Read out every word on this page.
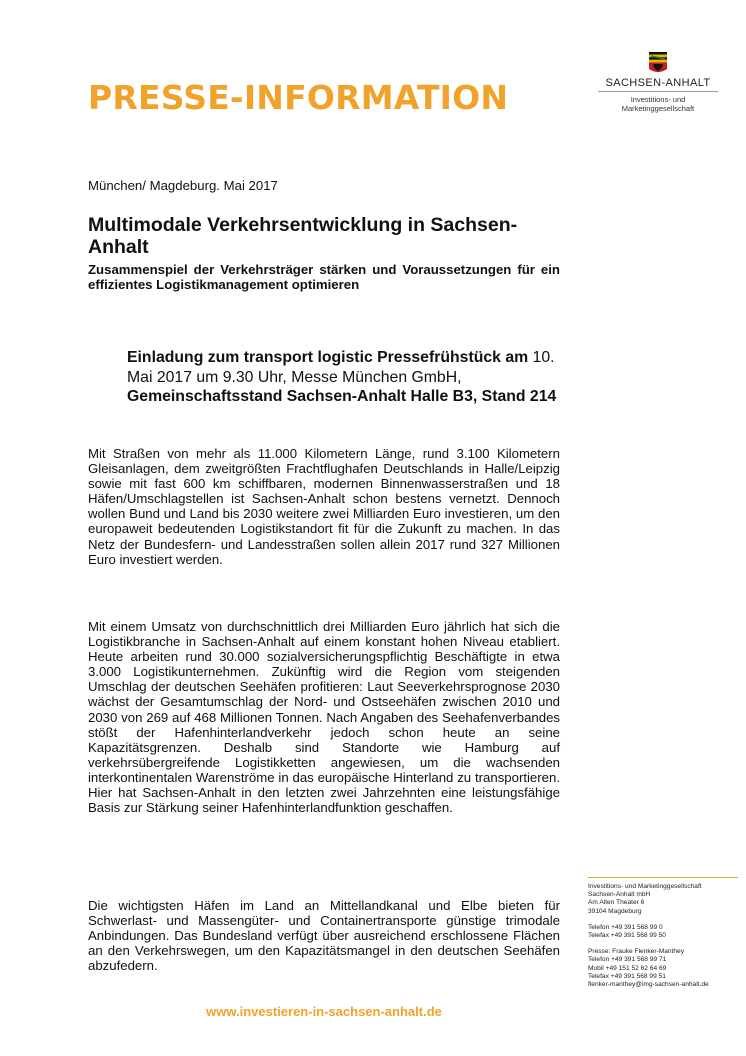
PRESSE-INFORMATION	SACHSEN-ANHALT
Investitions- und
Marketinggesellschaft
München/ Magdeburg. Mai 2017
Multimodale Verkehrsentwicklung in Sachsen-Anhalt

Zusammenspiel der Verkehrsträger stärken und Voraussetzungen für ein effizientes Logistikmanagement optimieren

Einladung zum transport logistic Pressefrühstück am 10. Mai 2017 um 9.30 Uhr, Messe München GmbH,
Gemeinschaftsstand Sachsen-Anhalt Halle B3, Stand 214

Mit Straßen von mehr als 11.000 Kilometern Länge, rund 3.100 Kilometern Gleisanlagen, dem zweitgrößten Frachtflughafen Deutschlands in Halle/Leipzig sowie mit fast 600 km schiffbaren, modernen Binnenwasserstraßen und 18 Häfen/Umschlagstellen ist Sachsen-Anhalt schon bestens vernetzt. Dennoch wollen Bund und Land bis 2030 weitere zwei Milliarden Euro investieren, um den europaweit bedeutenden Logistikstandort fit für die Zukunft zu machen. In das Netz der Bundesfern- und Landesstraßen sollen allein 2017 rund 327 Millionen Euro investiert werden.

Mit einem Umsatz von durchschnittlich drei Milliarden Euro jährlich hat sich die Logistikbranche in Sachsen-Anhalt auf einem konstant hohen Niveau etabliert. Heute arbeiten rund 30.000 sozialversicherungspflichtig Beschäftigte in etwa 3.000 Logistikunternehmen. Zukünftig wird die Region vom steigenden Umschlag der deutschen Seehäfen profitieren: Laut Seeverkehrsprognose 2030 wächst der Gesamtumschlag der Nord- und Ostseehäfen zwischen 2010 und 2030 von 269 auf 468 Millionen Tonnen. Nach Angaben des Seehafenverbandes stößt der Hafenhinterlandverkehr jedoch schon heute an seine Kapazitätsgrenzen. Deshalb sind Standorte wie Hamburg auf verkehrsübergreifende Logistikketten angewiesen, um die wachsenden interkontinentalen Warenströme in das europäische Hinterland zu transportieren. Hier hat Sachsen-Anhalt in den letzten zwei Jahrzehnten eine leistungsfähige Basis zur Stärkung seiner Hafenhinterlandfunktion geschaffen.

Die wichtigsten Häfen im Land an Mittellandkanal und Elbe bieten für Schwerlast- und Massengüter- und Containertransporte günstige trimodale Anbindungen. Das Bundesland verfügt über ausreichend erschlossene Flächen an den Verkehrswegen, um den Kapazitätsmangel in den deutschen Seehäfen abzufedern.

Investitions- und Marketinggesellschaft
Sachsen-Anhalt mbH
Am Alten Theater 6
39104 Magdeburg
Telefon +49 391 568 99 0
Telefax +49 391 568 99 50
Presse: Frauke Flenker-Manthey
Telefon +49 391 568 99 71
Mobil +49 151 52 62 64 69
Telefax +49 391 568 99 51
flenker-manthey@img-sachsen-anhalt.de
www.investieren-in-sachsen-anhalt.de
